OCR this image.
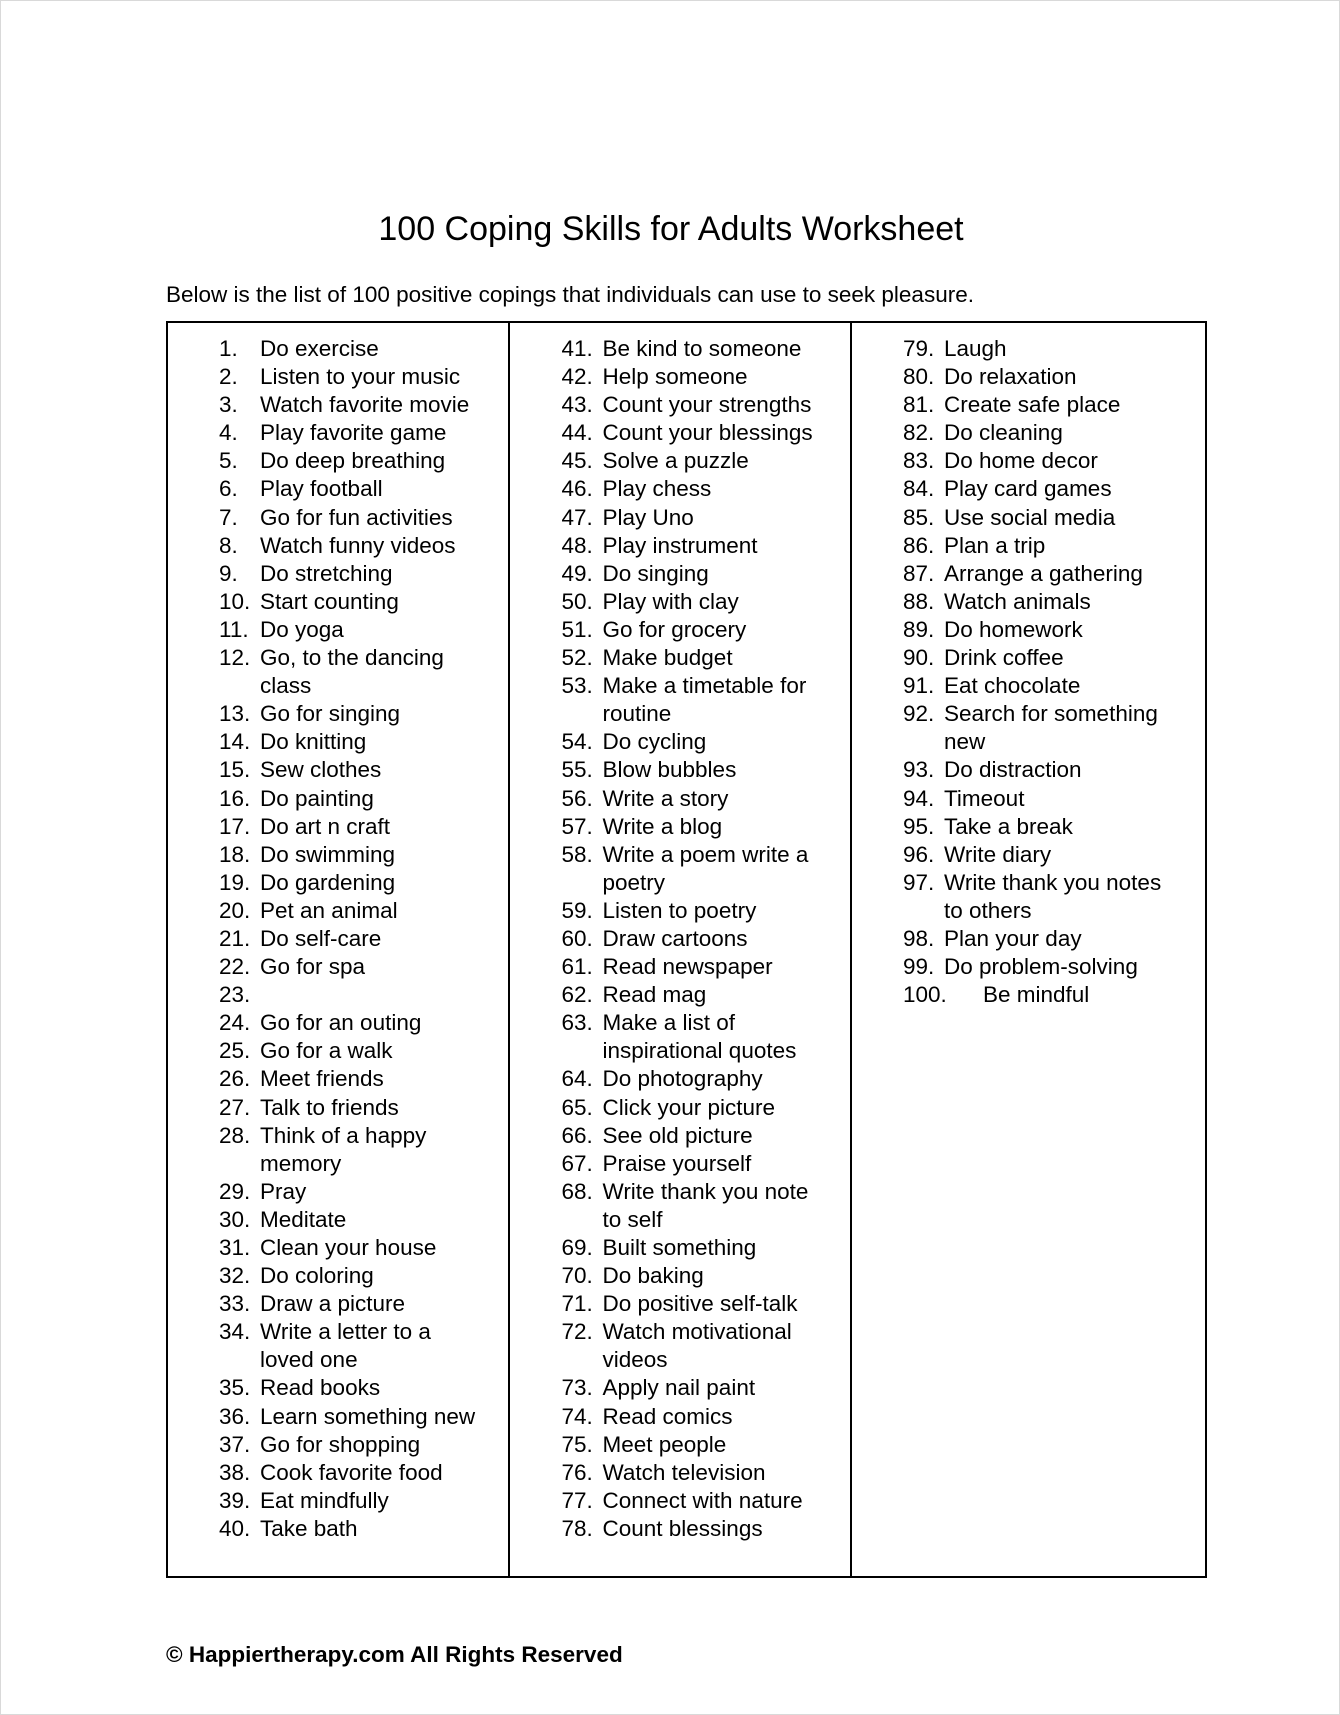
100 Coping Skills for Adults Worksheet

Below is the list of 100 positive copings that individuals can use to seek pleasure.

1. Do exercise
2. Listen to your music
3. Watch favorite movie
4. Play favorite game
5. Do deep breathing
6. Play football
7. Go for fun activities
8. Watch funny videos
9. Do stretching
10. Start counting
11. Do yoga
12. Go, to the dancing class
13. Go for singing
14. Do knitting
15. Sew clothes
16. Do painting
17. Do art n craft
18. Do swimming
19. Do gardening
20. Pet an animal
21. Do self-care
22. Go for spa
23.
24. Go for an outing
25. Go for a walk
26. Meet friends
27. Talk to friends
28. Think of a happy memory
29. Pray
30. Meditate
31. Clean your house
32. Do coloring
33. Draw a picture
34. Write a letter to a loved one
35. Read books
36. Learn something new
37. Go for shopping
38. Cook favorite food
39. Eat mindfully
40. Take bath
41. Be kind to someone
42. Help someone
43. Count your strengths
44. Count your blessings
45. Solve a puzzle
46. Play chess
47. Play Uno
48. Play instrument
49. Do singing
50. Play with clay
51. Go for grocery
52. Make budget
53. Make a timetable for routine
54. Do cycling
55. Blow bubbles
56. Write a story
57. Write a blog
58. Write a poem write a poetry
59. Listen to poetry
60. Draw cartoons
61. Read newspaper
62. Read mag
63. Make a list of inspirational quotes
64. Do photography
65. Click your picture
66. See old picture
67. Praise yourself
68. Write thank you note to self
69. Built something
70. Do baking
71. Do positive self-talk
72. Watch motivational videos
73. Apply nail paint
74. Read comics
75. Meet people
76. Watch television
77. Connect with nature
78. Count blessings
79. Laugh
80. Do relaxation
81. Create safe place
82. Do cleaning
83. Do home decor
84. Play card games
85. Use social media
86. Plan a trip
87. Arrange a gathering
88. Watch animals
89. Do homework
90. Drink coffee
91. Eat chocolate
92. Search for something new
93. Do distraction
94. Timeout
95. Take a break
96. Write diary
97. Write thank you notes to others
98. Plan your day
99. Do problem-solving
100.	Be mindful

© Happiertherapy.com All Rights Reserved
